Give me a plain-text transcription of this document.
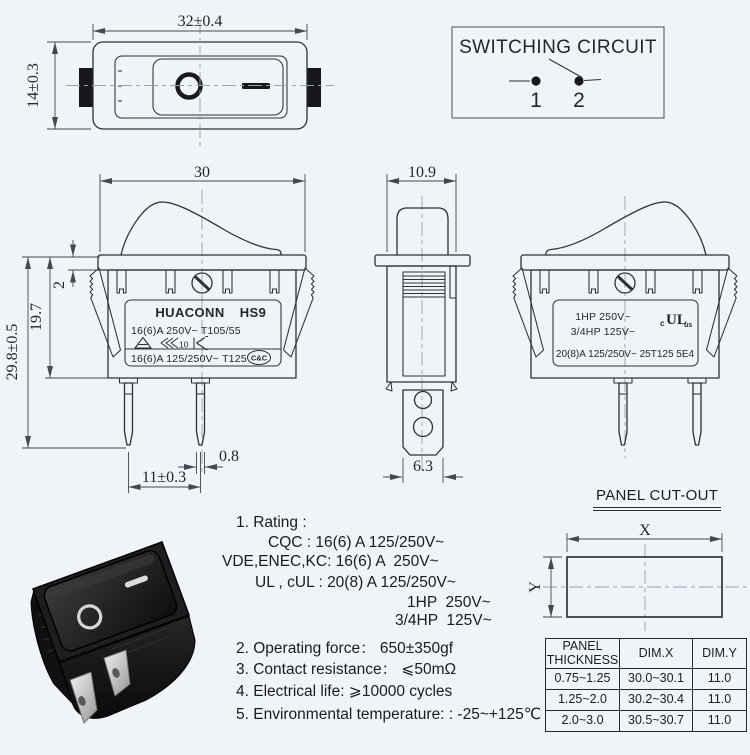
32±0.4
14±0.3
SWITCHING CIRCUIT
1 2
HUACONN HS9
16(6)A 250V~ T105/55
10
16(6)A 125/250V~ T125 C&C
30
29.8±0.5
19.7
2
11±0.3
0.8
10.9
6.3
1HP 250V~
3/4HP 125V~
20(8)A 125/250V~ 25T125 5E4
c UL
us
X
Y
1. Rating :
CQC : 16(6) A 125/250V~
VDE,ENEC,KC: 16(6) A  250V~
UL , cUL : 20(8) A 125/250V~
1HP  250V~
3/4HP  125V~
2. Operating force： 650±350gf
3. Contact resistance： ⩽50mΩ
4. Electrical life: ⩾10000 cycles
5. Environmental temperature: : -25~+125℃
PANEL CUT-OUT
PANEL THICKNESS	DIM.X	DIM.Y
0.75~1.25	30.0~30.1	11.0
1.25~2.0	30.2~30.4	11.0
2.0~3.0	30.5~30.7	11.0
